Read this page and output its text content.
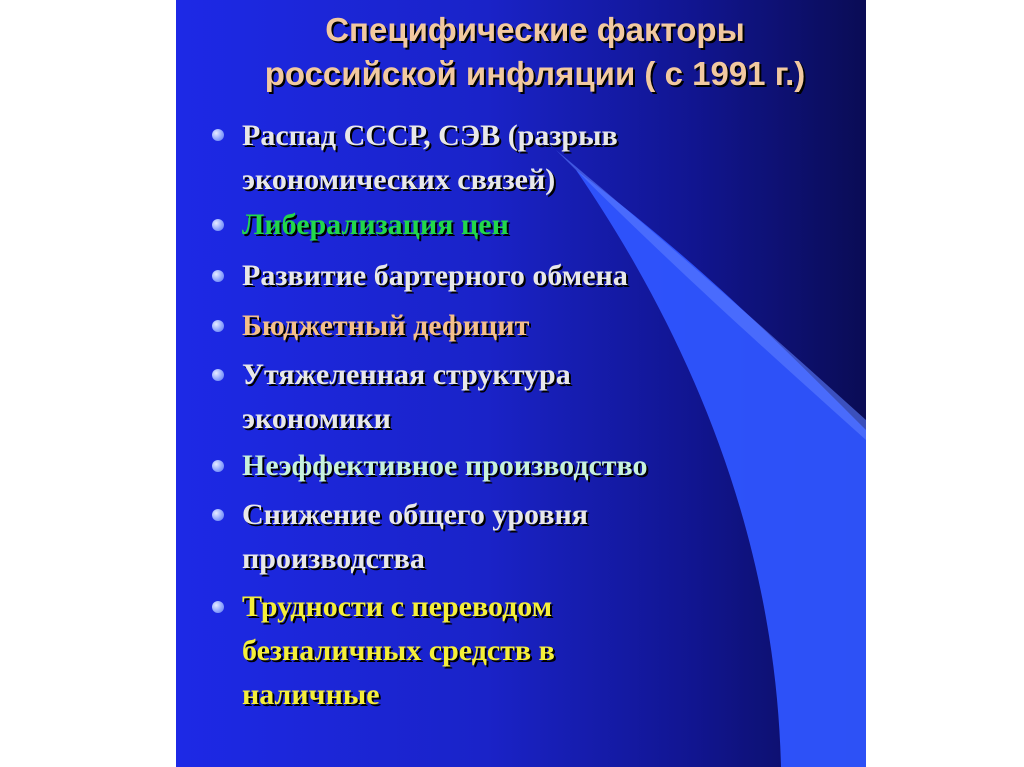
Специфические факторы
российской инфляции ( с 1991 г.)
Распад СССР, СЭВ (разрыв
экономических связей)
Либерализация цен
Развитие бартерного обмена
Бюджетный дефицит
Утяжеленная структура
экономики
Неэффективное производство
Снижение общего уровня
производства
Трудности с переводом
безналичных средств в
наличные
